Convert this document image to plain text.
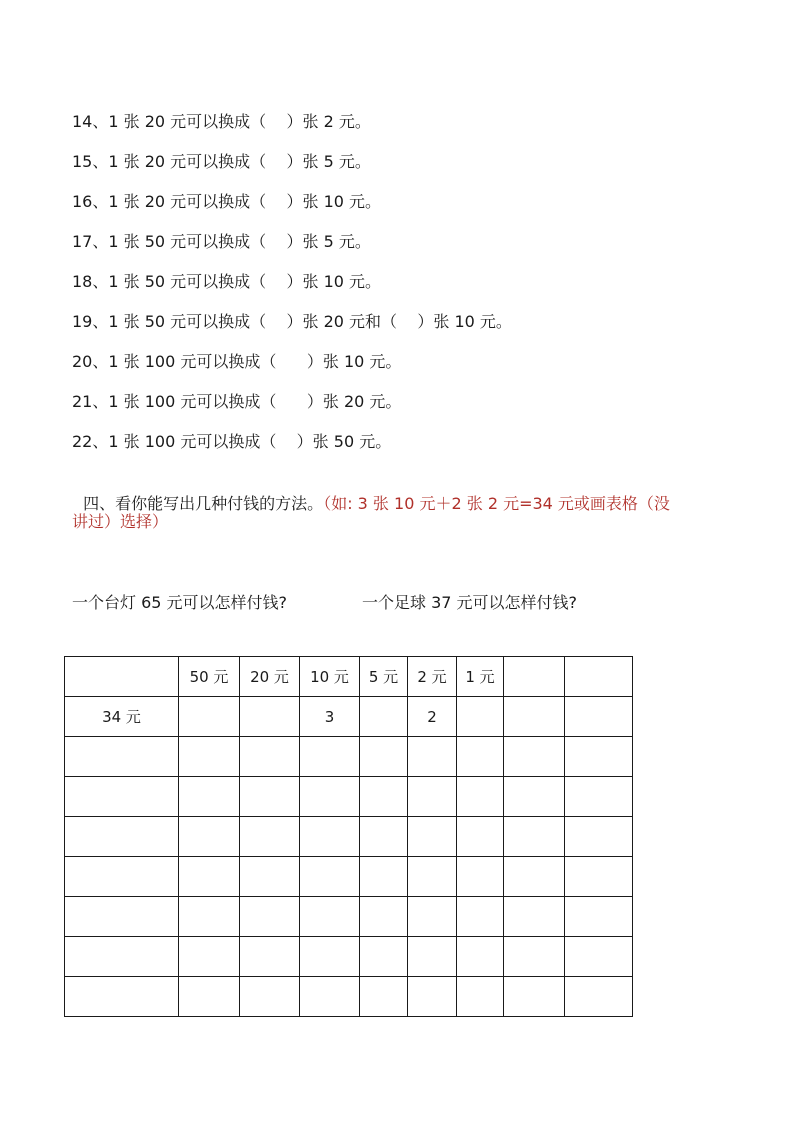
14、1 张 20 元可以换成（    ）张 2 元。
15、1 张 20 元可以换成（    ）张 5 元。
16、1 张 20 元可以换成（    ）张 10 元。
17、1 张 50 元可以换成（    ）张 5 元。
18、1 张 50 元可以换成（    ）张 10 元。
19、1 张 50 元可以换成（    ）张 20 元和（    ）张 10 元。
20、1 张 100 元可以换成（      ）张 10 元。
21、1 张 100 元可以换成（      ）张 20 元。
22、1 张 100 元可以换成（    ）张 50 元。

四、看你能写出几种付钱的方法。（如: 3 张 10 元＋2 张 2 元=34 元或画表格（没

讲过）选择）
一个台灯 65 元可以怎样付钱?	一个足球 37 元可以怎样付钱?
	50 元	20 元	10 元	5 元	2 元	1 元		
34 元			3		2			
